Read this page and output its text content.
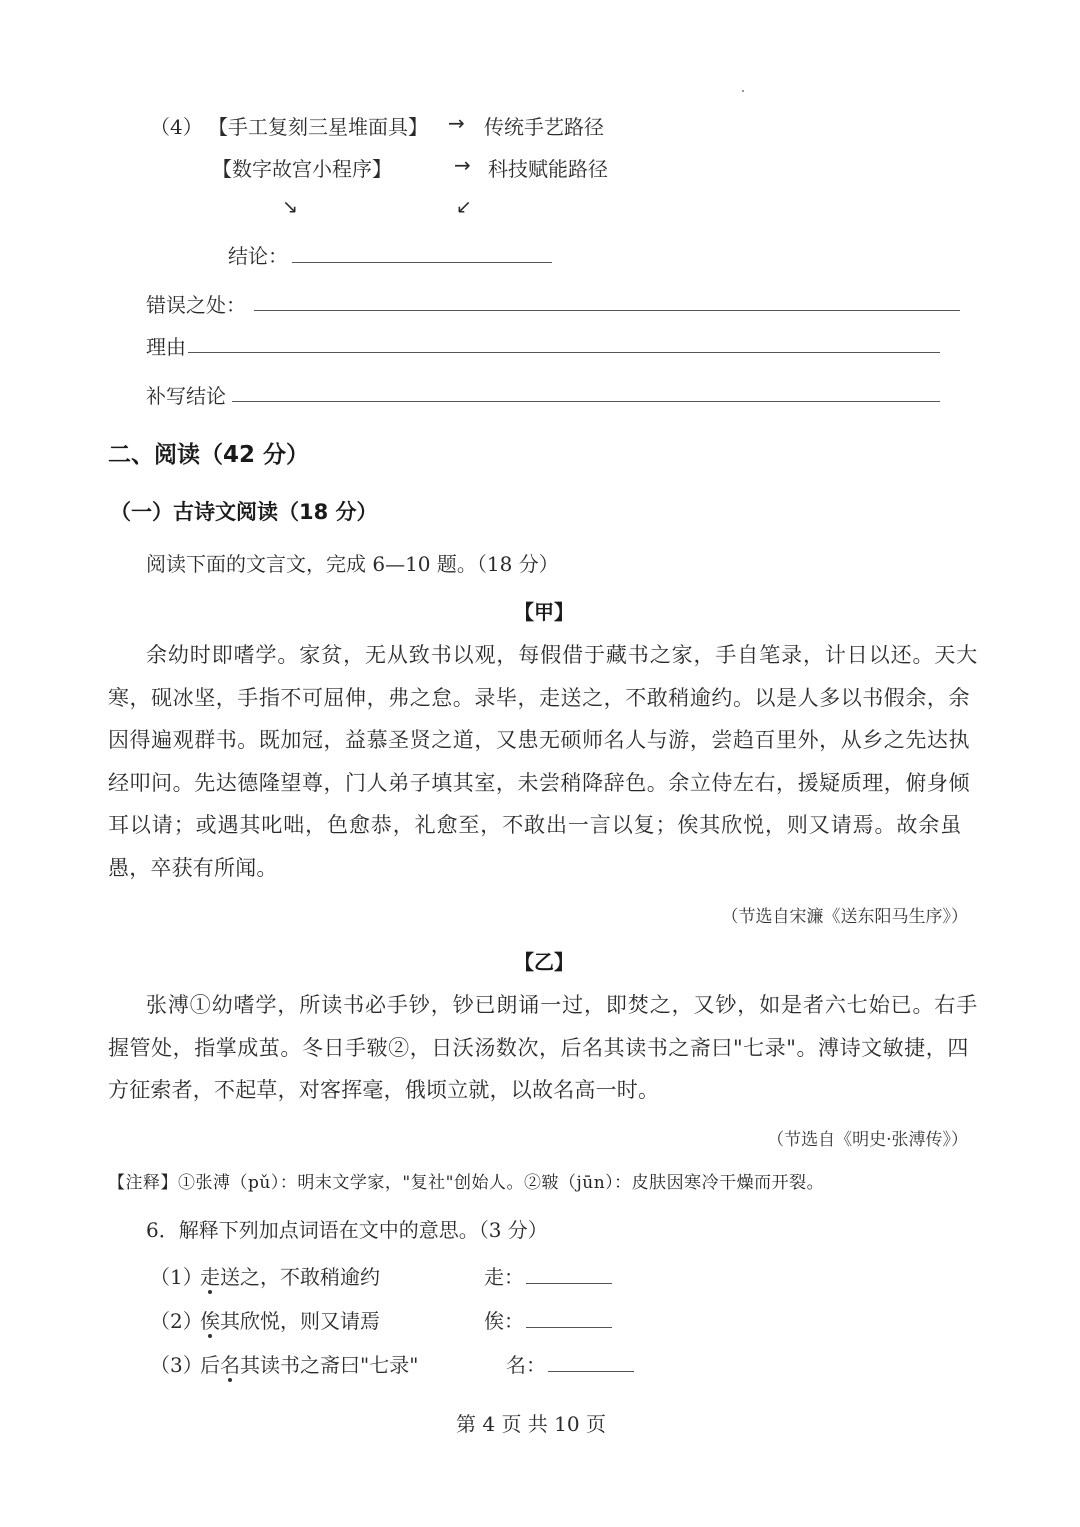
（4） 【手工复刻三星堆面具】 → 传统手艺路径
【数字故宫小程序】	→ 科技赋能路径
↘	↙
结论：
错误之处：
理由
补写结论
二、阅读（42 分）
（一）古诗文阅读（18 分）
阅读下面的文言文，完成 6—10 题。（18 分）
【甲】
余幼时即嗜学。家贫，无从致书以观，每假借于藏书之家，手自笔录，计日以还。天大
寒，砚冰坚，手指不可屈伸，弗之怠。录毕，走送之，不敢稍逾约。以是人多以书假余，余
因得遍观群书。既加冠，益慕圣贤之道，又患无硕师名人与游，尝趋百里外，从乡之先达执
经叩问。先达德隆望尊，门人弟子填其室，未尝稍降辞色。余立侍左右，援疑质理，俯身倾
耳以请；或遇其叱咄，色愈恭，礼愈至，不敢出一言以复；俟其欣悦，则又请焉。故余虽
愚，卒获有所闻。
（节选自宋濂《送东阳马生序》）
【乙】
张溥①幼嗜学，所读书必手钞，钞已朗诵一过，即焚之，又钞，如是者六七始已。右手
握管处，指掌成茧。冬日手皲②，日沃汤数次，后名其读书之斋曰"七录"。溥诗文敏捷，四
方征索者，不起草，对客挥毫，俄顷立就，以故名高一时。
（节选自《明史·张溥传》）
【注释】①张溥（pǔ）：明末文学家，"复社"创始人。②皲（jūn）：皮肤因寒冷干燥而开裂。
6．解释下列加点词语在文中的意思。（3 分）
（1）
走送之，不敢稍逾约	走：
（2）
俟其欣悦，则又请焉	俟：
（3）
后名其读书之斋曰"七录"	名：
第 4 页 共 10 页
